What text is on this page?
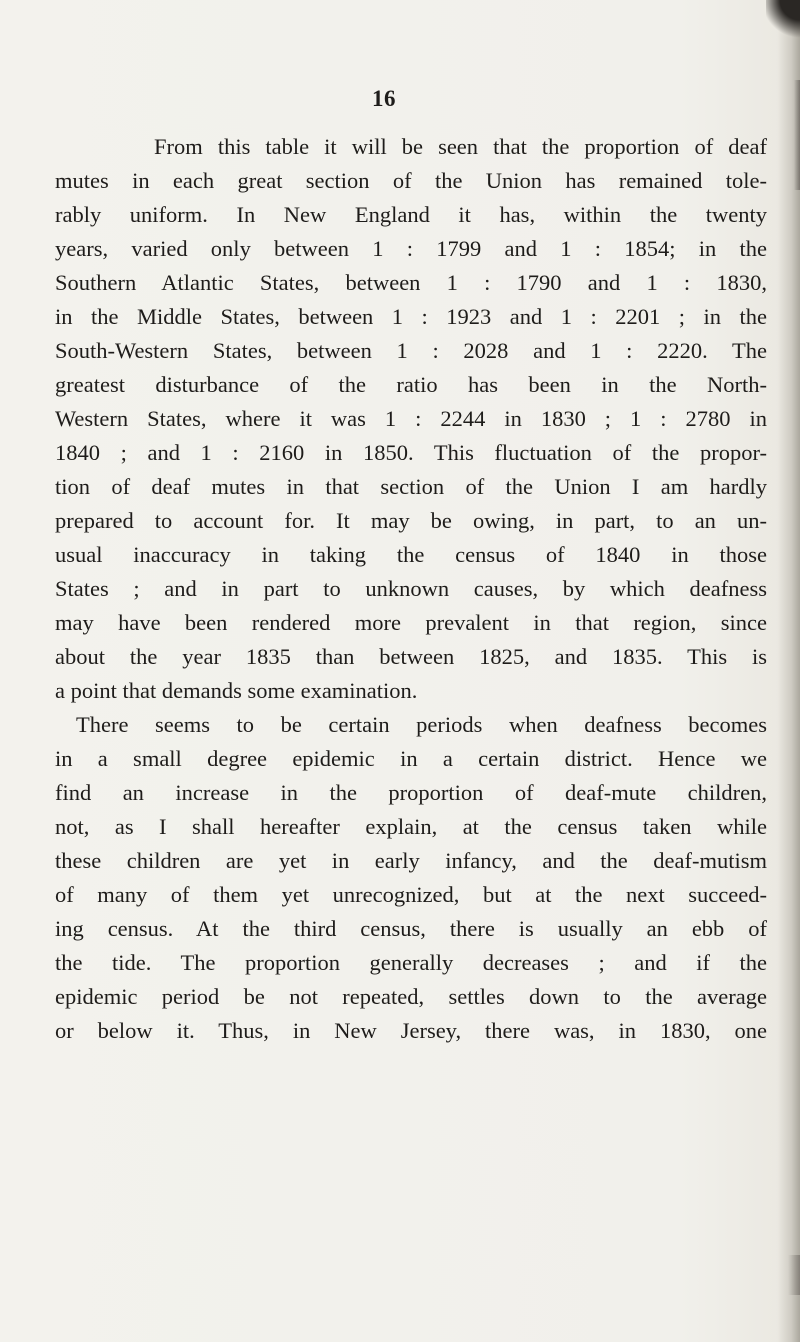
16
From this table it will be seen that the proportion of deaf
mutes in each great section of the Union has remained tole-
rably uniform. In New England it has, within the twenty
years, varied only between 1 : 1799 and 1 : 1854; in the
Southern Atlantic States, between 1 : 1790 and 1 : 1830,
in the Middle States, between 1 : 1923 and 1 : 2201 ; in the
South-Western States, between 1 : 2028 and 1 : 2220. The
greatest disturbance of the ratio has been in the North-
Western States, where it was 1 : 2244 in 1830 ; 1 : 2780 in
1840 ; and 1 : 2160 in 1850. This fluctuation of the propor-
tion of deaf mutes in that section of the Union I am hardly
prepared to account for. It may be owing, in part, to an un-
usual inaccuracy in taking the census of 1840 in those
States ; and in part to unknown causes, by which deafness
may have been rendered more prevalent in that region, since
about the year 1835 than between 1825, and 1835. This is
a point that demands some examination.
There seems to be certain periods when deafness becomes
in a small degree epidemic in a certain district. Hence we
find an increase in the proportion of deaf-mute children,
not, as I shall hereafter explain, at the census taken while
these children are yet in early infancy, and the deaf-mutism
of many of them yet unrecognized, but at the next succeed-
ing census. At the third census, there is usually an ebb of
the tide. The proportion generally decreases ; and if the
epidemic period be not repeated, settles down to the average
or below it. Thus, in New Jersey, there was, in 1830, one
